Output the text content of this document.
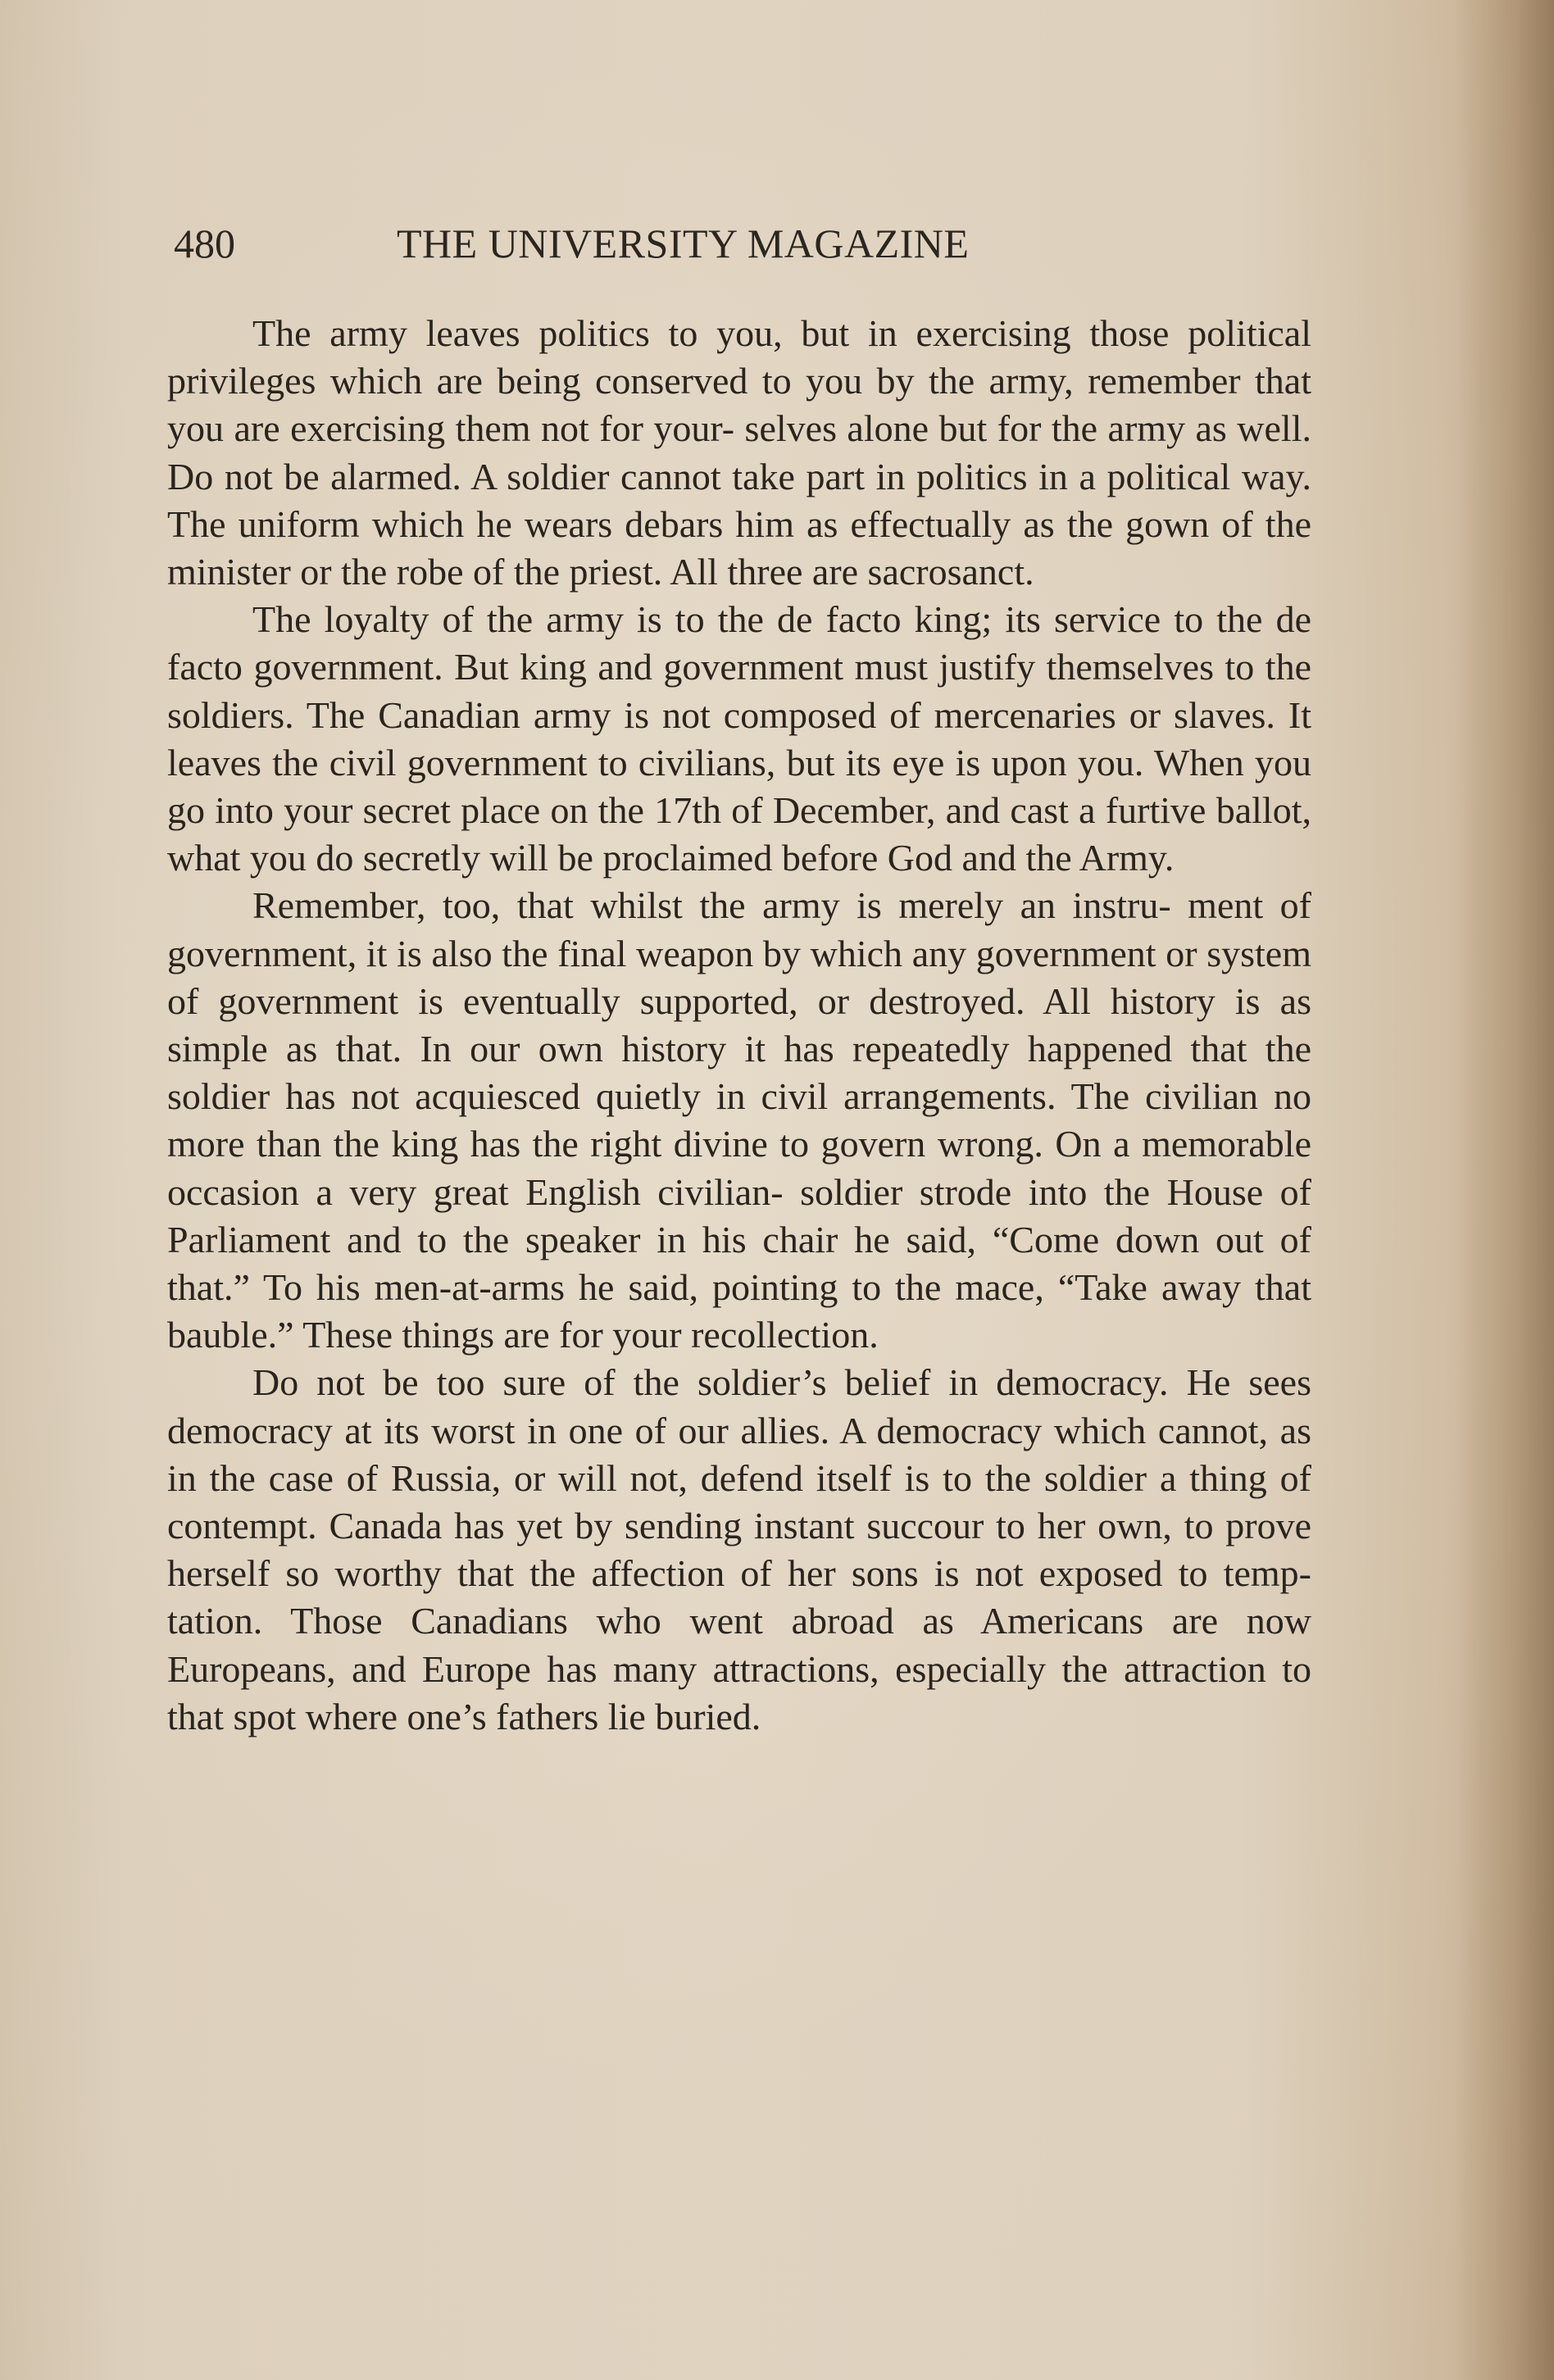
480	THE UNIVERSITY MAGAZINE

The army leaves politics to you, but in exercising those political privileges which are being conserved to you by the army, remember that you are exercising them not for your- selves alone but for the army as well. Do not be alarmed. A soldier cannot take part in politics in a political way. The uniform which he wears debars him as effectually as the gown of the minister or the robe of the priest. All three are sacrosanct.

The loyalty of the army is to the de facto king; its service to the de facto government. But king and government must justify themselves to the soldiers. The Canadian army is not composed of mercenaries or slaves. It leaves the civil government to civilians, but its eye is upon you. When you go into your secret place on the 17th of December, and cast a furtive ballot, what you do secretly will be proclaimed before God and the Army.

Remember, too, that whilst the army is merely an instru- ment of government, it is also the final weapon by which any government or system of government is eventually supported, or destroyed. All history is as simple as that. In our own history it has repeatedly happened that the soldier has not acquiesced quietly in civil arrangements. The civilian no more than the king has the right divine to govern wrong. On a memorable occasion a very great English civilian- soldier strode into the House of Parliament and to the speaker in his chair he said, “Come down out of that.” To his men-at-arms he said, pointing to the mace, “Take away that bauble.” These things are for your recollection.

Do not be too sure of the soldier’s belief in democracy. He sees democracy at its worst in one of our allies. A democracy which cannot, as in the case of Russia, or will not, defend itself is to the soldier a thing of contempt. Canada has yet by sending instant succour to her own, to prove herself so worthy that the affection of her sons is not exposed to temp- tation. Those Canadians who went abroad as Americans are now Europeans, and Europe has many attractions, especially the attraction to that spot where one’s fathers lie buried.
